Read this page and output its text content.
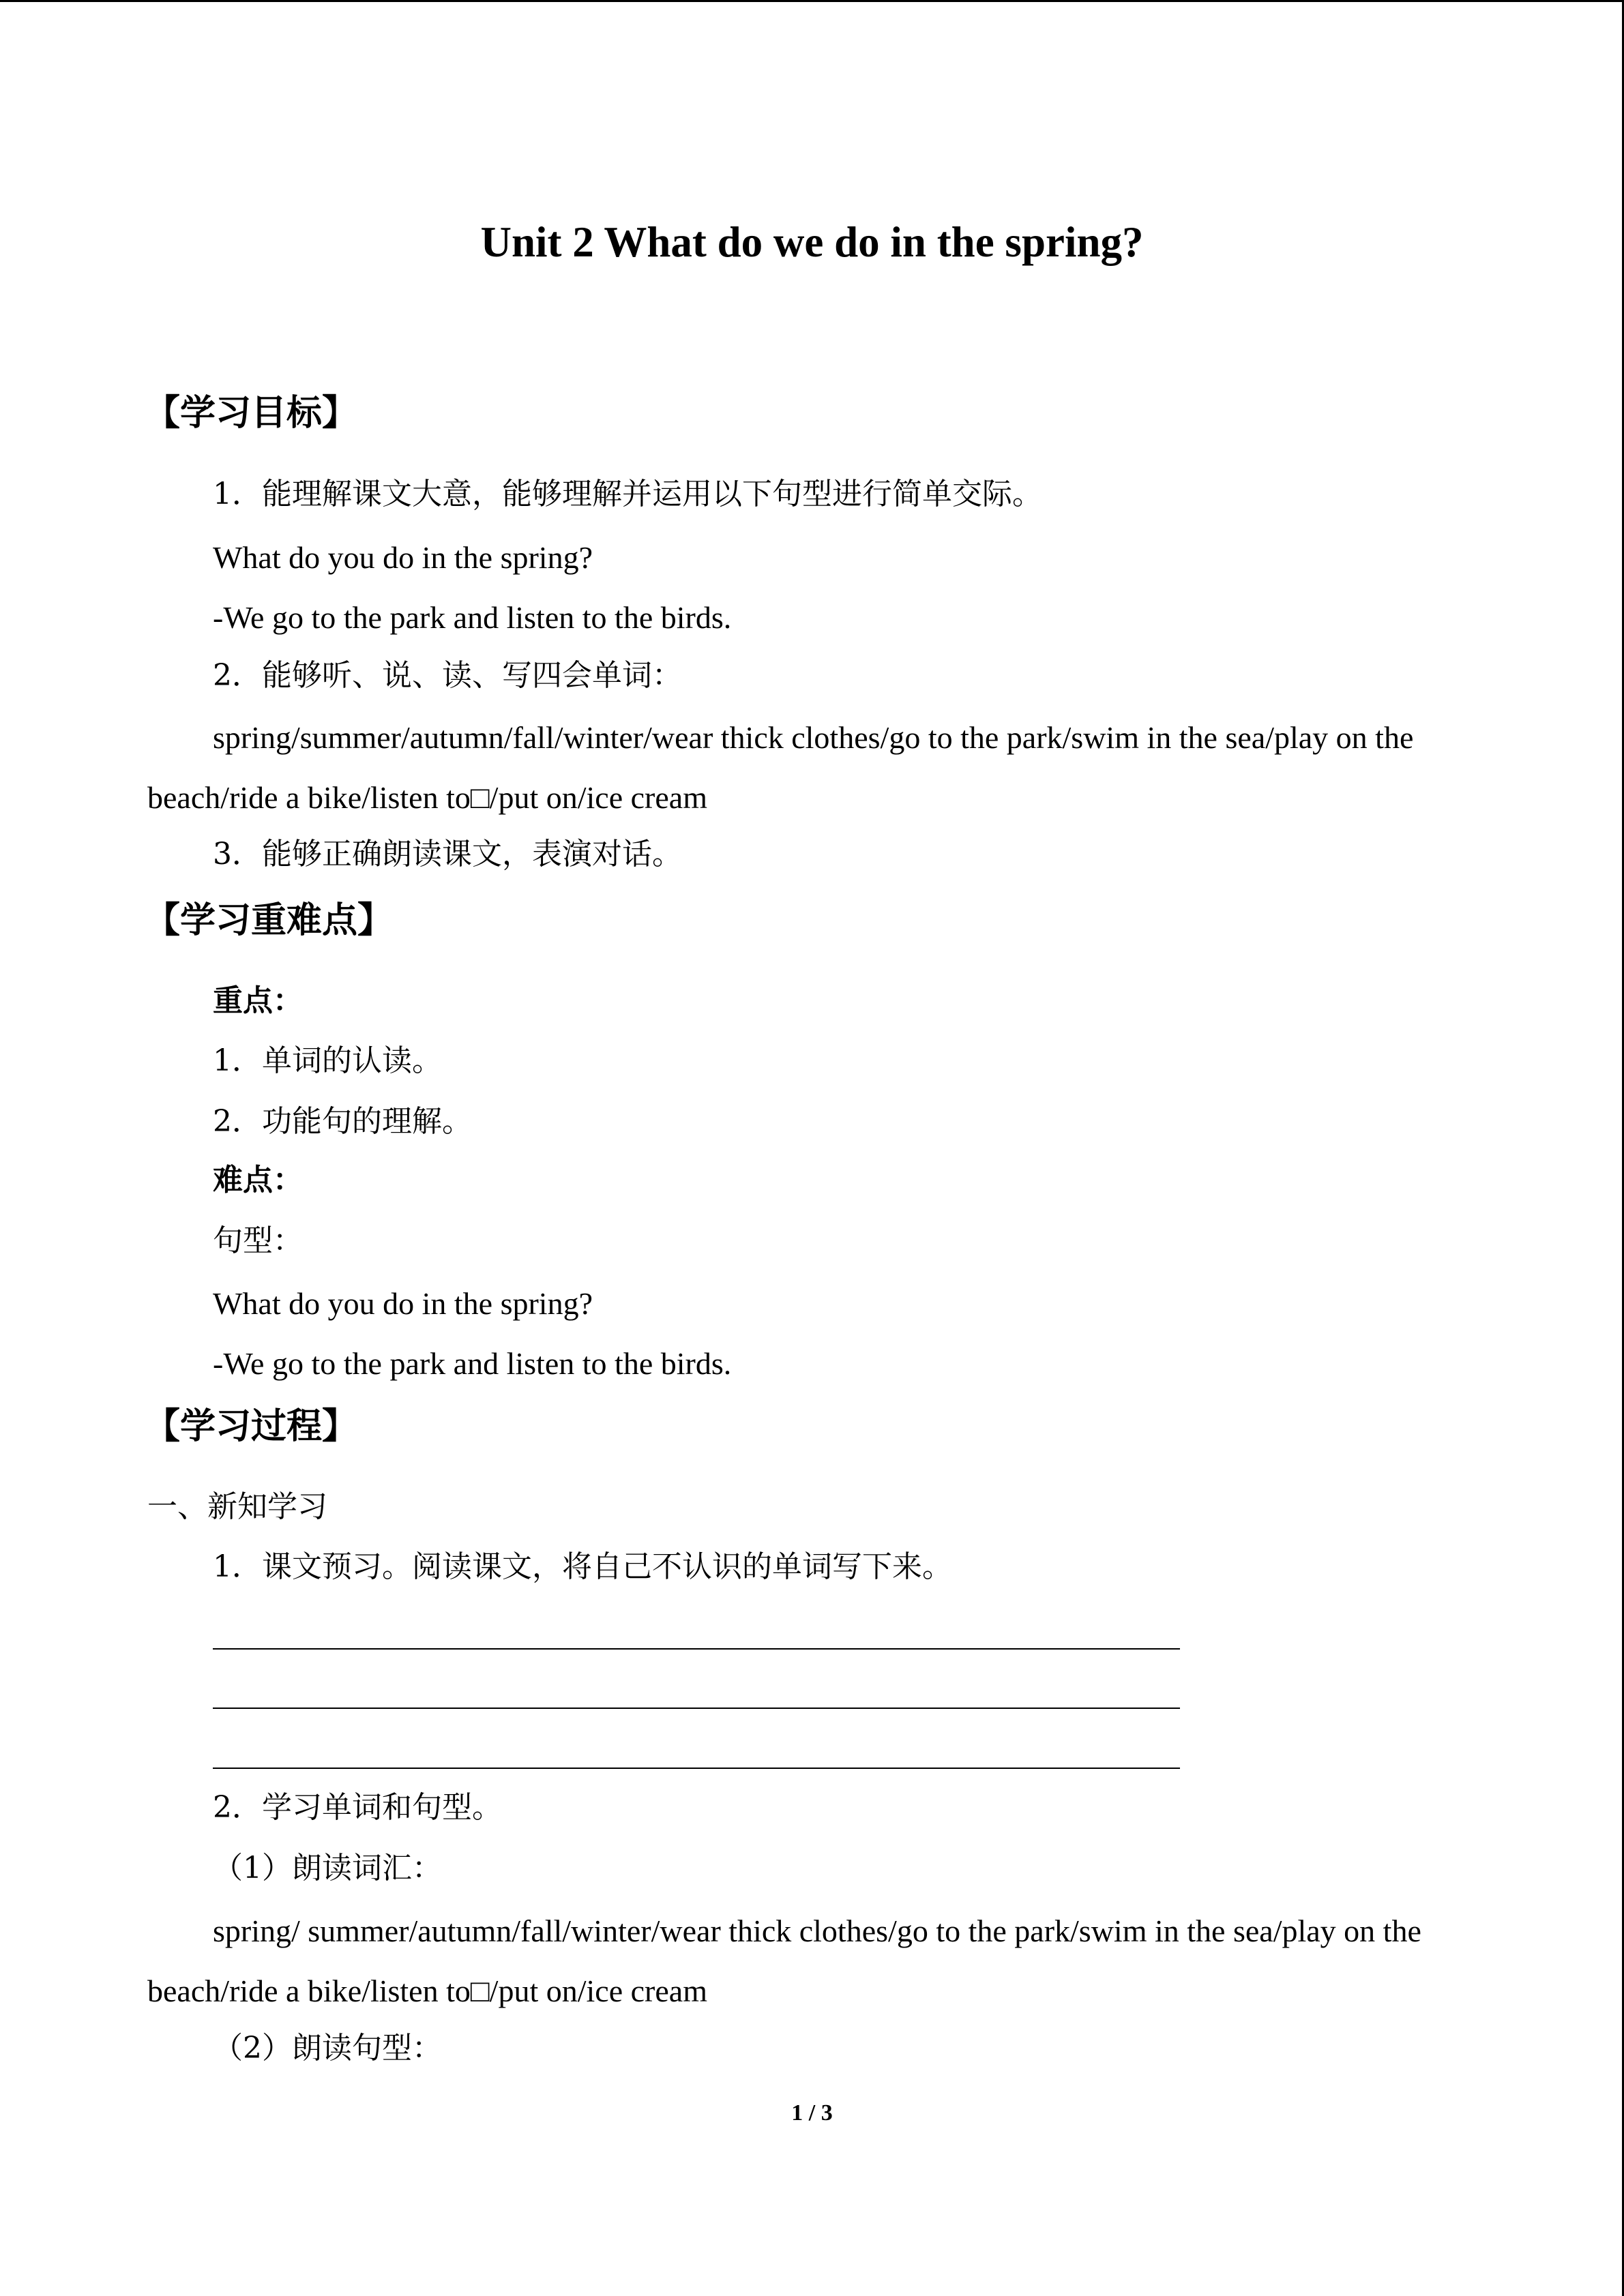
Unit 2 What do we do in the spring?
【学习目标】
1．能理解课文大意，能够理解并运用以下句型进行简单交际。
What do you do in the spring?
-We go to the park and listen to the birds.
2．能够听、说、读、写四会单词：
spring/summer/autumn/fall/winter/wear thick clothes/go to the park/swim in the sea/play on the
beach/ride a bike/listen to□/put on/ice cream
3．能够正确朗读课文，表演对话。
【学习重难点】
重点：
1．单词的认读。
2．功能句的理解。
难点：
句型：
What do you do in the spring?
-We go to the park and listen to the birds.
【学习过程】
一、新知学习
1．课文预习。阅读课文，将自己不认识的单词写下来。
2．学习单词和句型。
（1）朗读词汇：
spring/ summer/autumn/fall/winter/wear thick clothes/go to the park/swim in the sea/play on the
beach/ride a bike/listen to□/put on/ice cream
（2）朗读句型：
1 / 3
